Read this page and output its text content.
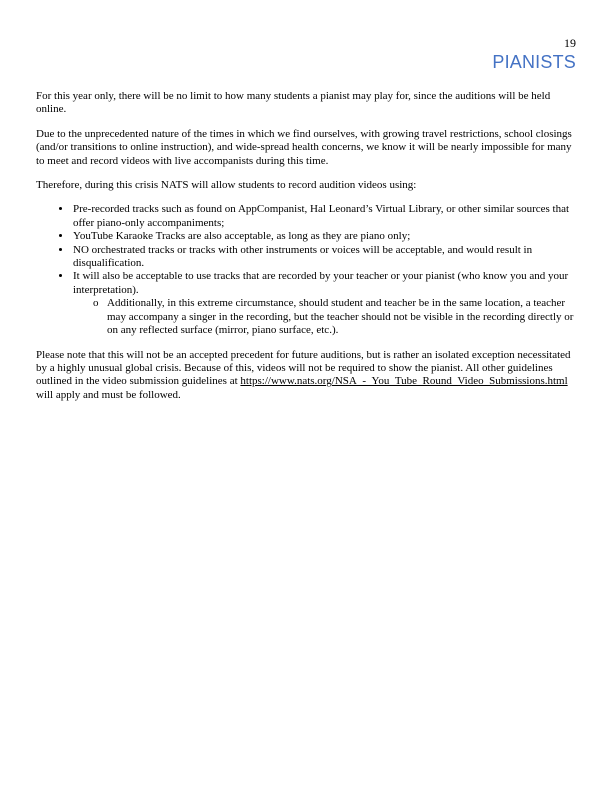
19
PIANISTS

For this year only, there will be no limit to how many students a pianist may play for, since the auditions will be held online.

Due to the unprecedented nature of the times in which we find ourselves, with growing travel restrictions, school closings (and/or transitions to online instruction), and wide-spread health concerns, we know it will be nearly impossible for many to meet and record videos with live accompanists during this time.

Therefore, during this crisis NATS will allow students to record audition videos using:

• Pre-recorded tracks such as found on AppCompanist, Hal Leonard’s Virtual Library, or other similar sources that offer piano-only accompaniments;
• YouTube Karaoke Tracks are also acceptable, as long as they are piano only;
• NO orchestrated tracks or tracks with other instruments or voices will be acceptable, and would result in disqualification.
• It will also be acceptable to use tracks that are recorded by your teacher or your pianist (who know you and your interpretation).
o Additionally, in this extreme circumstance, should student and teacher be in the same location, a teacher may accompany a singer in the recording, but the teacher should not be visible in the recording directly or on any reflected surface (mirror, piano surface, etc.).

Please note that this will not be an accepted precedent for future auditions, but is rather an isolated exception necessitated by a highly unusual global crisis. Because of this, videos will not be required to show the pianist. All other guidelines outlined in the video submission guidelines at https://www.nats.org/NSA_-_You_Tube_Round_Video_Submissions.html will apply and must be followed.
